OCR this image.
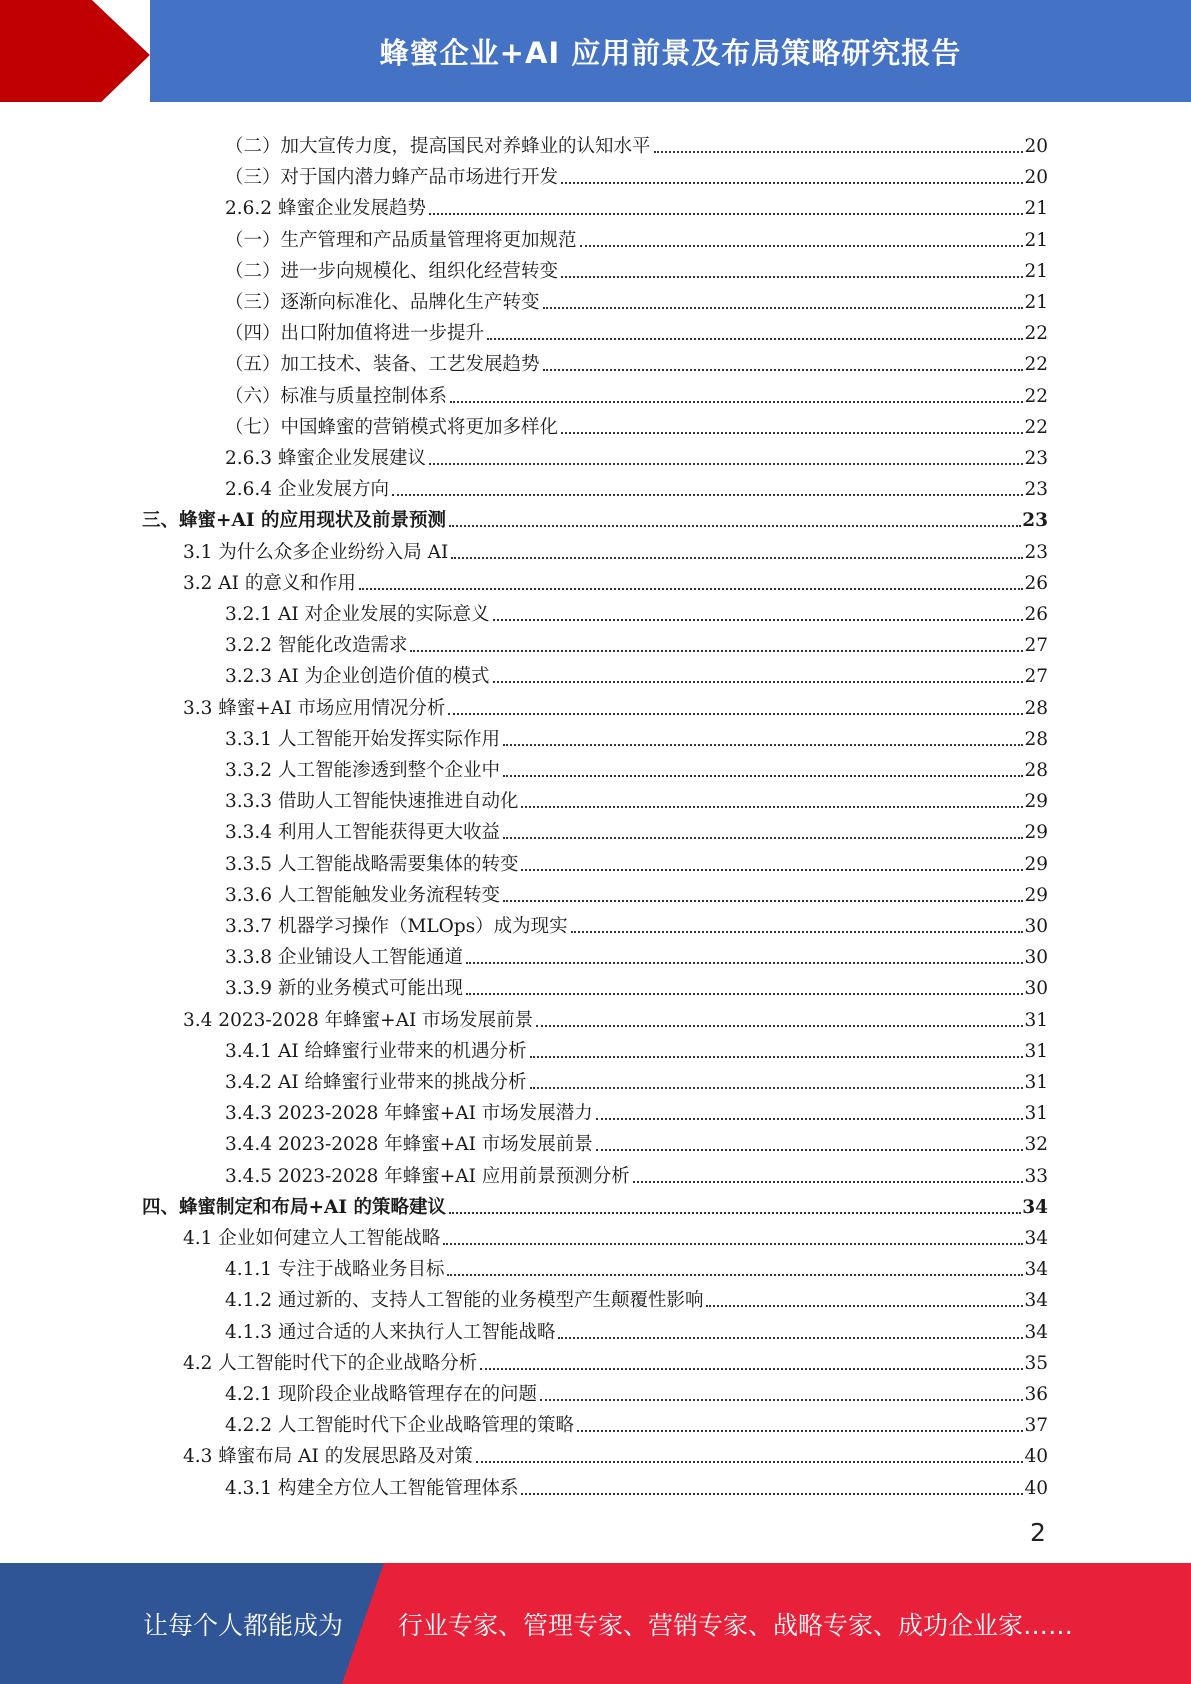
蜂蜜企业+AI 应用前景及布局策略研究报告
（二）加大宣传力度，提高国民对养蜂业的认知水平	20
（三）对于国内潜力蜂产品市场进行开发	20
2.6.2 蜂蜜企业发展趋势	21
（一）生产管理和产品质量管理将更加规范	21
（二）进一步向规模化、组织化经营转变	21
（三）逐渐向标准化、品牌化生产转变	21
（四）出口附加值将进一步提升	22
（五）加工技术、装备、工艺发展趋势	22
（六）标准与质量控制体系	22
（七）中国蜂蜜的营销模式将更加多样化	22
2.6.3 蜂蜜企业发展建议	23
2.6.4 企业发展方向	23
三、蜂蜜+AI 的应用现状及前景预测	23
3.1 为什么众多企业纷纷入局 AI	23
3.2 AI 的意义和作用	26
3.2.1 AI 对企业发展的实际意义	26
3.2.2 智能化改造需求	27
3.2.3 AI 为企业创造价值的模式	27
3.3 蜂蜜+AI 市场应用情况分析	28
3.3.1 人工智能开始发挥实际作用	28
3.3.2 人工智能渗透到整个企业中	28
3.3.3 借助人工智能快速推进自动化	29
3.3.4 利用人工智能获得更大收益	29
3.3.5 人工智能战略需要集体的转变	29
3.3.6 人工智能触发业务流程转变	29
3.3.7 机器学习操作（MLOps）成为现实	30
3.3.8 企业铺设人工智能通道	30
3.3.9 新的业务模式可能出现	30
3.4 2023-2028 年蜂蜜+AI 市场发展前景	31
3.4.1 AI 给蜂蜜行业带来的机遇分析	31
3.4.2 AI 给蜂蜜行业带来的挑战分析	31
3.4.3 2023-2028 年蜂蜜+AI 市场发展潜力	31
3.4.4 2023-2028 年蜂蜜+AI 市场发展前景	32
3.4.5 2023-2028 年蜂蜜+AI 应用前景预测分析	33
四、蜂蜜制定和布局+AI 的策略建议	34
4.1 企业如何建立人工智能战略	34
4.1.1 专注于战略业务目标	34
4.1.2 通过新的、支持人工智能的业务模型产生颠覆性影响	34
4.1.3 通过合适的人来执行人工智能战略	34
4.2 人工智能时代下的企业战略分析	35
4.2.1 现阶段企业战略管理存在的问题	36
4.2.2 人工智能时代下企业战略管理的策略	37
4.3 蜂蜜布局 AI 的发展思路及对策	40
4.3.1 构建全方位人工智能管理体系	40
2
让每个人都能成为 行业专家、管理专家、营销专家、战略专家、成功企业家……
